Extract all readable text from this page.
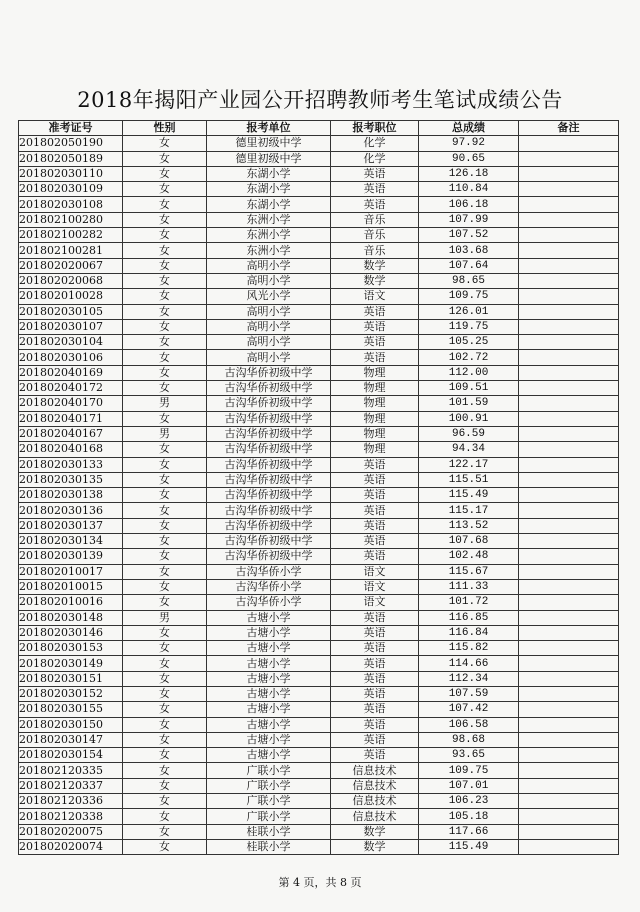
2018年揭阳产业园公开招聘教师考生笔试成绩公告
准考证号	性别	报考单位	报考职位	总成绩	备注
201802050190	女	德里初级中学	化学	97.92	
201802050189	女	德里初级中学	化学	90.65	
201802030110	女	东湖小学	英语	126.18	
201802030109	女	东湖小学	英语	110.84	
201802030108	女	东湖小学	英语	106.18	
201802100280	女	东洲小学	音乐	107.99	
201802100282	女	东洲小学	音乐	107.52	
201802100281	女	东洲小学	音乐	103.68	
201802020067	女	高明小学	数学	107.64	
201802020068	女	高明小学	数学	98.65	
201802010028	女	风光小学	语文	109.75	
201802030105	女	高明小学	英语	126.01	
201802030107	女	高明小学	英语	119.75	
201802030104	女	高明小学	英语	105.25	
201802030106	女	高明小学	英语	102.72	
201802040169	女	古沟华侨初级中学	物理	112.00	
201802040172	女	古沟华侨初级中学	物理	109.51	
201802040170	男	古沟华侨初级中学	物理	101.59	
201802040171	女	古沟华侨初级中学	物理	100.91	
201802040167	男	古沟华侨初级中学	物理	96.59	
201802040168	女	古沟华侨初级中学	物理	94.34	
201802030133	女	古沟华侨初级中学	英语	122.17	
201802030135	女	古沟华侨初级中学	英语	115.51	
201802030138	女	古沟华侨初级中学	英语	115.49	
201802030136	女	古沟华侨初级中学	英语	115.17	
201802030137	女	古沟华侨初级中学	英语	113.52	
201802030134	女	古沟华侨初级中学	英语	107.68	
201802030139	女	古沟华侨初级中学	英语	102.48	
201802010017	女	古沟华侨小学	语文	115.67	
201802010015	女	古沟华侨小学	语文	111.33	
201802010016	女	古沟华侨小学	语文	101.72	
201802030148	男	古塘小学	英语	116.85	
201802030146	女	古塘小学	英语	116.84	
201802030153	女	古塘小学	英语	115.82	
201802030149	女	古塘小学	英语	114.66	
201802030151	女	古塘小学	英语	112.34	
201802030152	女	古塘小学	英语	107.59	
201802030155	女	古塘小学	英语	107.42	
201802030150	女	古塘小学	英语	106.58	
201802030147	女	古塘小学	英语	98.68	
201802030154	女	古塘小学	英语	93.65	
201802120335	女	广联小学	信息技术	109.75	
201802120337	女	广联小学	信息技术	107.01	
201802120336	女	广联小学	信息技术	106.23	
201802120338	女	广联小学	信息技术	105.18	
201802020075	女	桂联小学	数学	117.66	
201802020074	女	桂联小学	数学	115.49	
第 4 页，共 8 页
